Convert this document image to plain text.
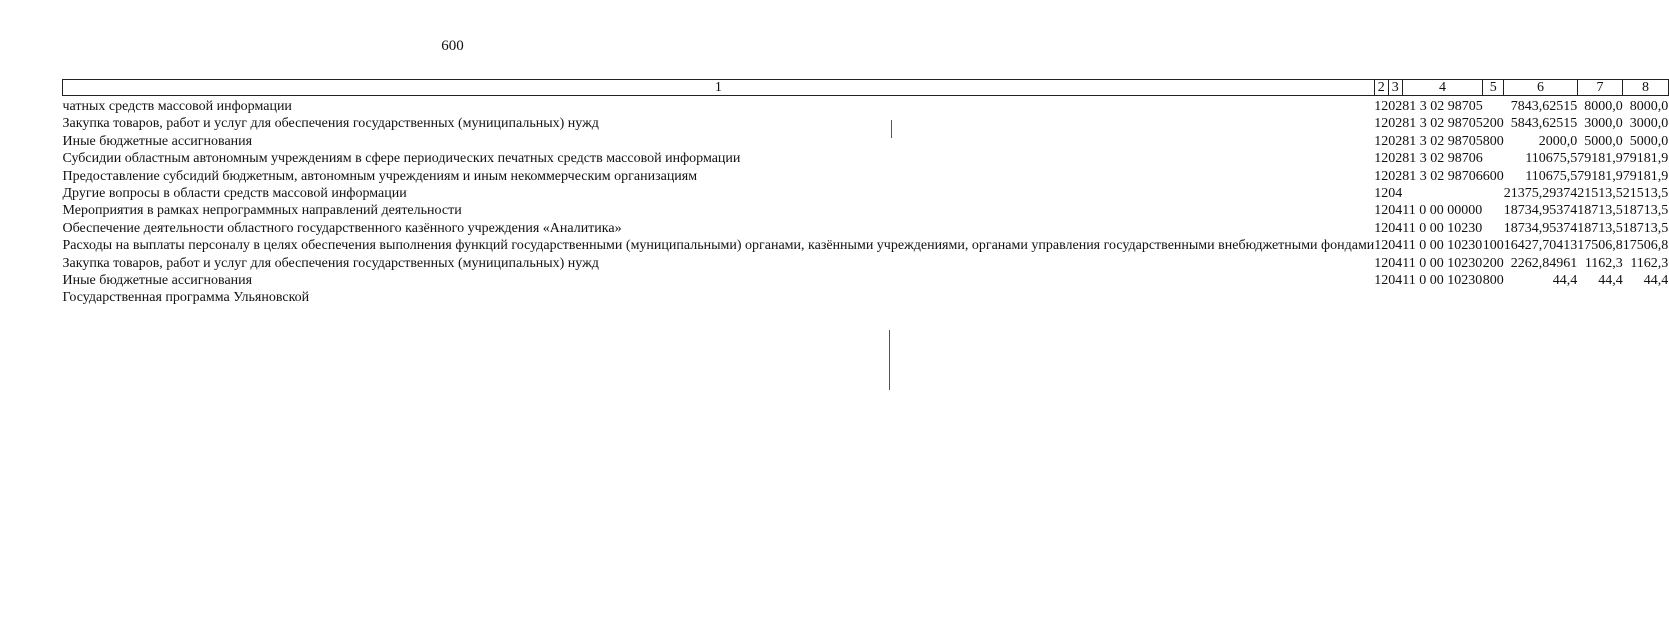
600
1	2	3	4	5	6	7	8
чатных средств массовой информации	12	02	81 3 02 98705		7843,62515	8000,0	8000,0
Закупка товаров, работ и услуг для обеспечения государственных (муниципальных) нужд	12	02	81 3 02 98705	200	5843,62515	3000,0	3000,0
Иные бюджетные ассигнования	12	02	81 3 02 98705	800	2000,0	5000,0	5000,0
Субсидии областным автономным учреждениям в сфере периодических печатных средств массовой информации	12	02	81 3 02 98706		110675,5	79181,9	79181,9
Предоставление субсидий бюджетным, автономным учреждениям и иным некоммерческим организациям	12	02	81 3 02 98706	600	110675,5	79181,9	79181,9
Другие вопросы в области средств массовой информации	12	04			21375,29374	21513,5	21513,5
Мероприятия в рамках непрограммных направлений деятельности	12	04	11 0 00 00000		18734,95374	18713,5	18713,5
Обеспечение деятельности областного государственного казённого учреждения «Аналитика»	12	04	11 0 00 10230		18734,95374	18713,5	18713,5
Расходы на выплаты персоналу в целях обеспечения выполнения функций государственными (муниципальными) органами, казёнными учреждениями, органами управления государственными внебюджетными фондами	12	04	11 0 00 10230	100	16427,70413	17506,8	17506,8
Закупка товаров, работ и услуг для обеспечения государственных (муниципальных) нужд	12	04	11 0 00 10230	200	2262,84961	1162,3	1162,3
Иные бюджетные ассигнования	12	04	11 0 00 10230	800	44,4	44,4	44,4
Государственная программа Ульяновской							
